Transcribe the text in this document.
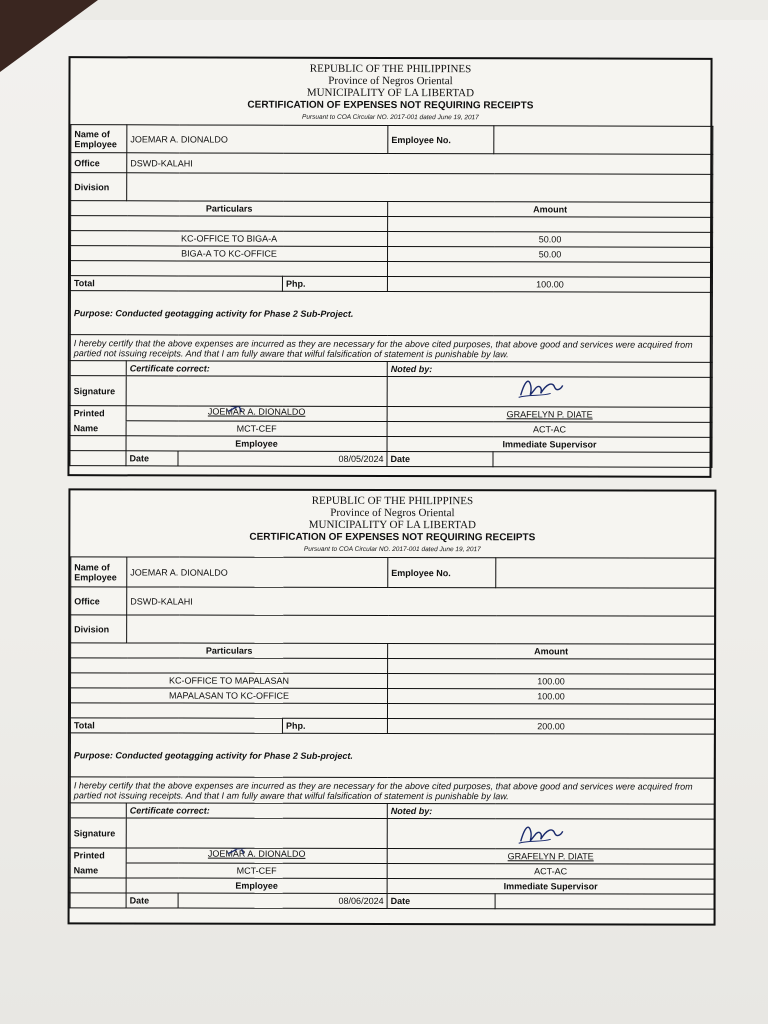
REPUBLIC OF THE PHILIPPINES
Province of Negros Oriental
MUNICIPALITY OF LA LIBERTAD
CERTIFICATION OF EXPENSES NOT REQUIRING RECEIPTS
Pursuant to COA Circular NO. 2017-001 dated June 19, 2017
Name of Employee	JOEMAR A. DIONALDO			Employee No.	
Office	DSWD-KALAHI				
Division					
Particulars				Amount	

KC-OFFICE TO BIGA-A				50.00	
BIGA-A TO KC-OFFICE				50.00	

Total			Php.	100.00	
Purpose: Conducted geotagging activity for Phase 2 Sub-Project.					
I hereby certify that the above expenses are incurred as they are necessary for the above cited purposes, that above good and services were acquired from partied not issuing receipts. And that I am fully aware that wilful falsification of statement is punishable by law.					
	Certificate correct:			Noted by:	
Signature		

Printed	JOEMAR A. DIONALDO			GRAFELYN P. DIATE	
Name	MCT-CEF			ACT-AC	
	Employee			Immediate Supervisor	
	Date	08/05/2024		Date	
REPUBLIC OF THE PHILIPPINES
Province of Negros Oriental
MUNICIPALITY OF LA LIBERTAD
CERTIFICATION OF EXPENSES NOT REQUIRING RECEIPTS
Pursuant to COA Circular NO. 2017-001 dated June 19, 2017
Name of Employee	JOEMAR A. DIONALDO			Employee No.	
Office	DSWD-KALAHI				
Division					
Particulars				Amount	

KC-OFFICE TO MAPALASAN				100.00	
MAPALASAN TO KC-OFFICE				100.00	

Total			Php.	200.00	
Purpose: Conducted geotagging activity for Phase 2 Sub-project.					
I hereby certify that the above expenses are incurred as they are necessary for the above cited purposes, that above good and services were acquired from partied not issuing receipts. And that I am fully aware that wilful falsification of statement is punishable by law.					
	Certificate correct:			Noted by:	
Signature		

Printed	JOEMAR A. DIONALDO			GRAFELYN P. DIATE	
Name	MCT-CEF			ACT-AC	
	Employee			Immediate Supervisor	
	Date	08/06/2024		Date	
